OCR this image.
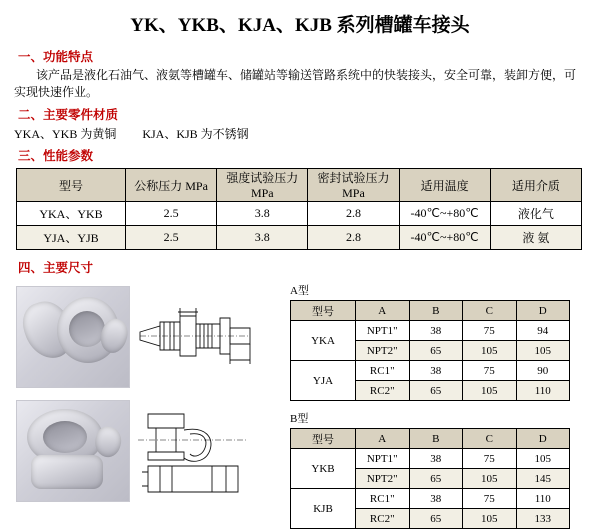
YK、YKB、KJA、KJB 系列槽罐车接头
一、功能特点
该产品是液化石油气、液氨等槽罐车、储罐站等输送管路系统中的快装接头，安全可靠，装卸方便，可实现快速作业。
二、主要零件材质
YKA、YKB 为黄铜 KJA、KJB 为不锈钢
三、性能参数
型号	公称压力 MPa	强度试验压力 MPa	密封试验压力 MPa	适用温度	适用介质
YKA、YKB	2.5	3.8	2.8	-40℃~+80℃	液化气
YJA、YJB	2.5	3.8	2.8	-40℃~+80℃	液 氨
四、主要尺寸
A型
型号	A	B	C	D
YKA	NPT1"	38	75	94
	NPT2"	65	105	105
YJA	RC1"	38	75	90
	RC2"	65	105	110
B型
型号	A	B	C	D
YKB	NPT1"	38	75	105
	NPT2"	65	105	145
KJB	RC1"	38	75	110
	RC2"	65	105	133
